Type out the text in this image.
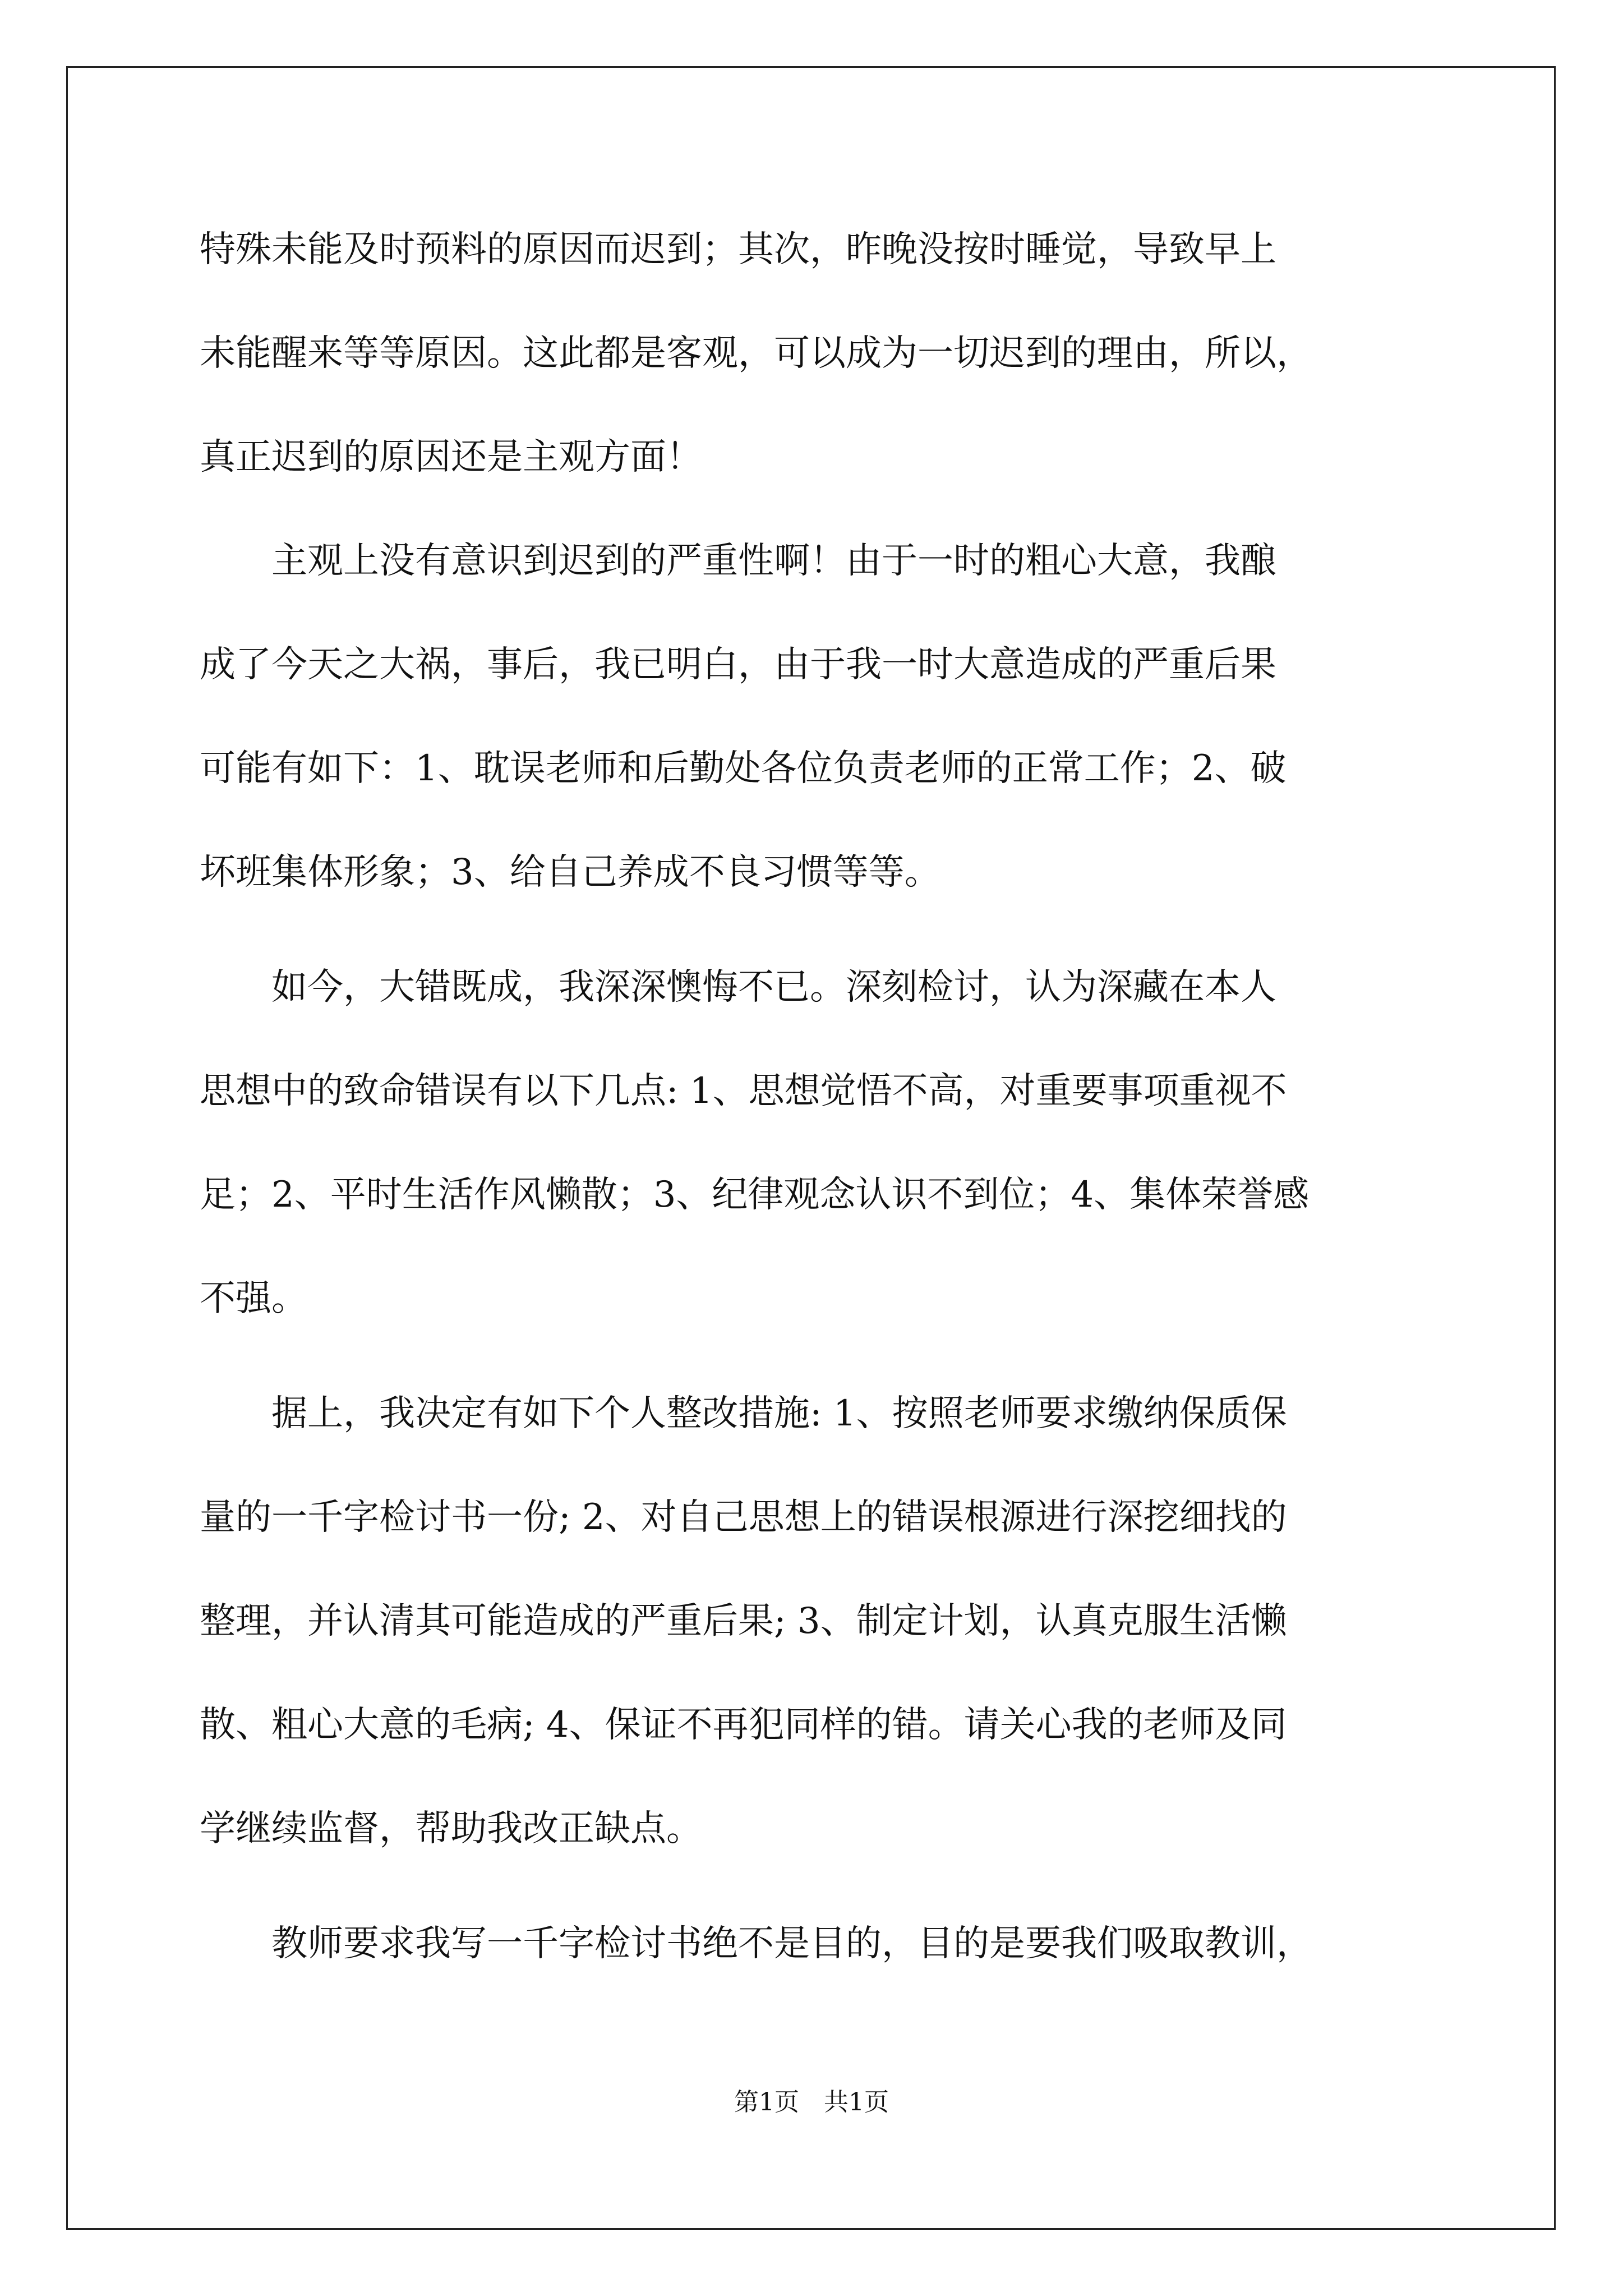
特殊未能及时预料的原因而迟到；其次，昨晚没按时睡觉，导致早上
未能醒来等等原因。这此都是客观，可以成为一切迟到的理由，所以，
真正迟到的原因还是主观方面！
　　主观上没有意识到迟到的严重性啊！由于一时的粗心大意，我酿
成了今天之大祸，事后，我已明白，由于我一时大意造成的严重后果
可能有如下：1、耽误老师和后勤处各位负责老师的正常工作；2、破
坏班集体形象；3、给自己养成不良习惯等等。
　　如今，大错既成，我深深懊悔不已。深刻检讨，认为深藏在本人
思想中的致命错误有以下几点: 1、思想觉悟不高，对重要事项重视不
足；2、平时生活作风懒散；3、纪律观念认识不到位；4、集体荣誉感
不强。
　　据上，我决定有如下个人整改措施: 1、按照老师要求缴纳保质保
量的一千字检讨书一份; 2、对自己思想上的错误根源进行深挖细找的
整理，并认清其可能造成的严重后果; 3、制定计划，认真克服生活懒
散、粗心大意的毛病; 4、保证不再犯同样的错。请关心我的老师及同
学继续监督，帮助我改正缺点。
　　教师要求我写一千字检讨书绝不是目的，目的是要我们吸取教训，
第1页　共1页
